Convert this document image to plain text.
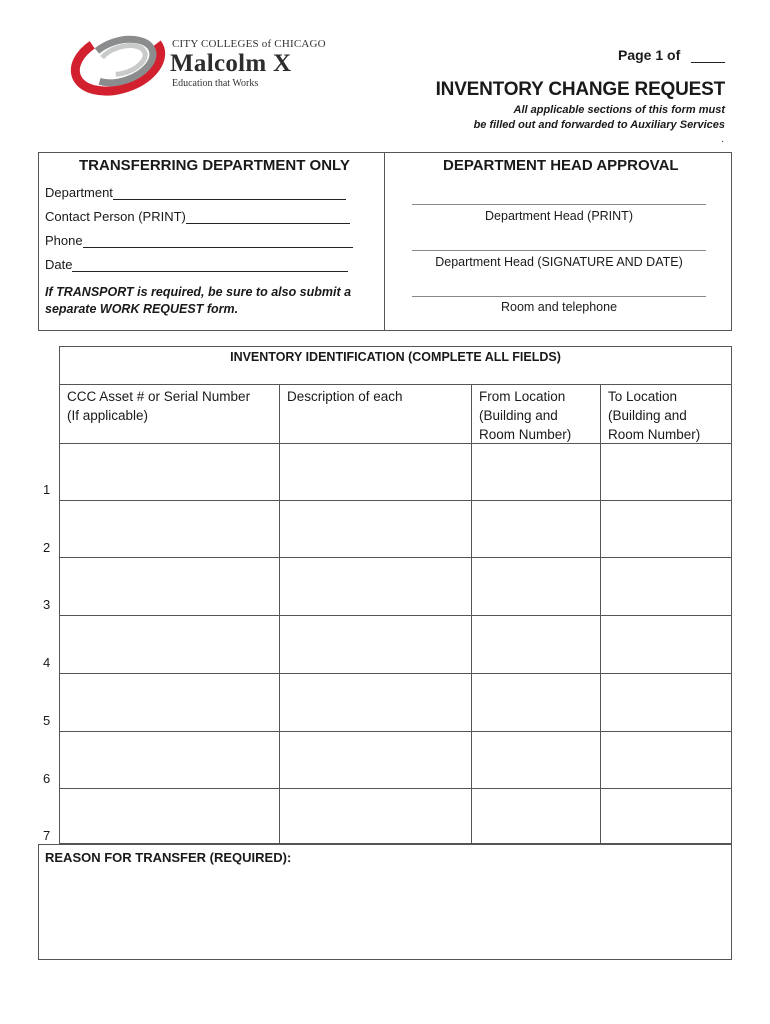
CITY COLLEGES of CHICAGO
Malcolm X
Education that Works
Page 1 of
INVENTORY CHANGE REQUEST
All applicable sections of this form must
be filled out and forwarded to Auxiliary Services
.
TRANSFERRING DEPARTMENT ONLY
Department
Contact Person (PRINT)
Phone
Date
If TRANSPORT is required, be sure to also submit a
separate WORK REQUEST form.
DEPARTMENT HEAD APPROVAL
Department Head (PRINT)
Department Head (SIGNATURE AND DATE)
Room and telephone
INVENTORY IDENTIFICATION (COMPLETE ALL FIELDS)
CCC Asset # or Serial Number
(If applicable)
Description of each	From Location
(Building and
Room Number)
To Location
(Building and
Room Number)
1
2
3
4
5
6
7
REASON FOR TRANSFER (REQUIRED):
